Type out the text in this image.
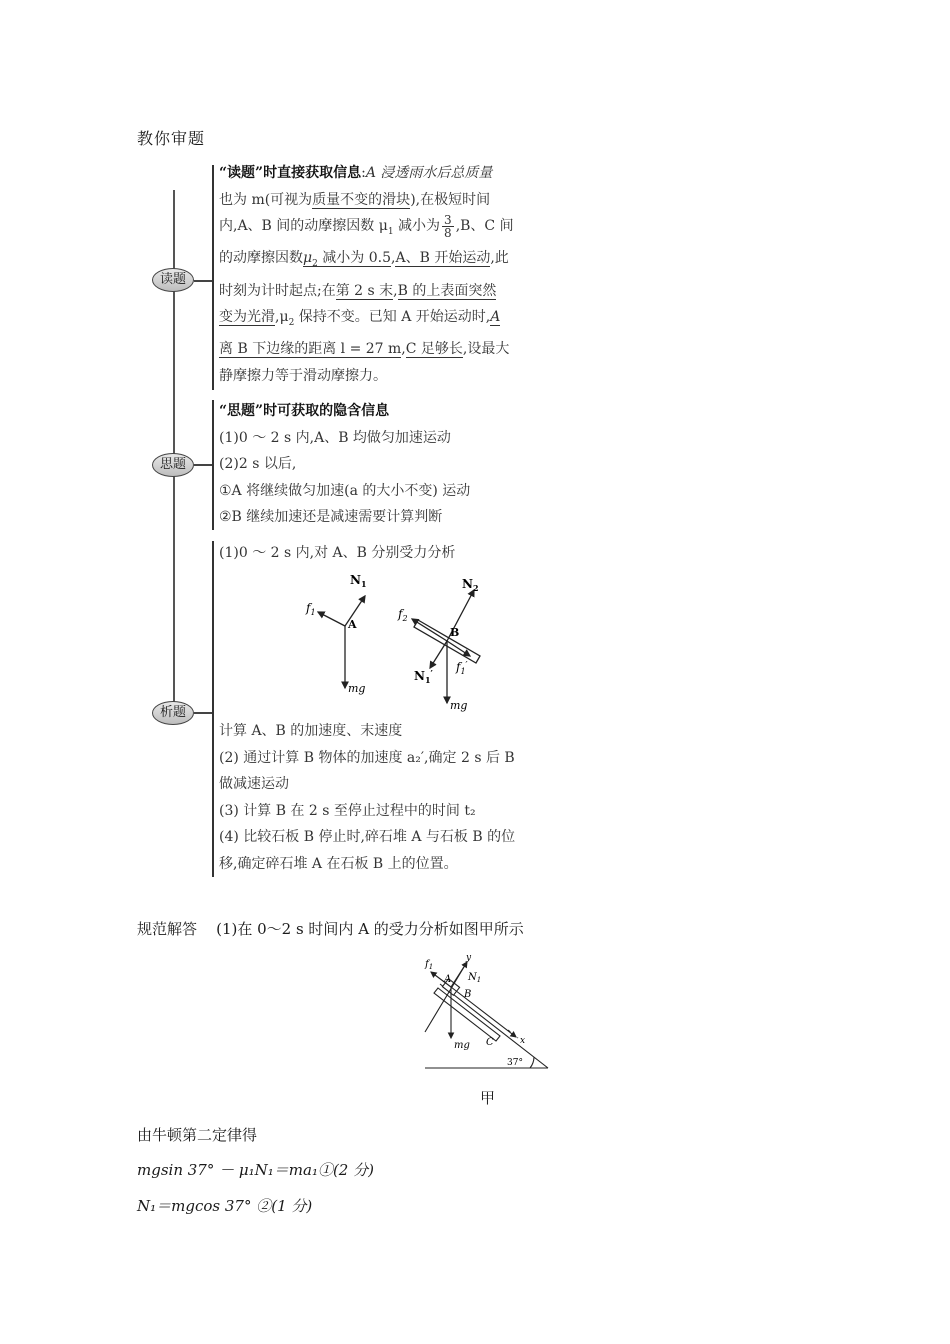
教你审题
读题
思题
析题

“读题”时直接获取信息:A 浸透雨水后总质量

也为 m(可视为质量不变的滑块),在极短时间

内,A、B 间的动摩擦因数 $\mu_1$ 减小为 $\frac{3}{8} ,B$、C 间

的动摩擦因数$\mu_2$ 减小为 0.5,A、B 开始运动,此

时刻为计时起点;在第 2 s 末,B 的上表面突然

变为光滑$,\mu_2$ 保持不变。已知 A 开始运动时,A

离 B 下边缘的距离 l = 27 m,C 足够长,设最大

静摩擦力等于滑动摩擦力。

“思题”时可获取的隐含信息

(1)0 ～ 2 s 内,A、B 均做匀加速运动

(2)2 s 以后,

①A 将继续做匀加速(a 的大小不变) 运动

②B 继续加速还是减速需要计算判断

(1)0 ～ 2 s 内,对 A、B 分别受力分析

$N_1$
$f_1$
A
mg
$N_2$
$f_2$
B
$N_1'$
$f_1'$
mg

计算 A、B 的加速度、末速度

(2) 通过计算 B 物体的加速度 a₂′,确定 2 s 后 B

做减速运动

(3) 计算 B 在 2 s 至停止过程中的时间 t₂

(4) 比较石板 B 停止时,碎石堆 A 与石板 B 的位

移,确定碎石堆 A 在石板 B 上的位置。

规范解答 (1)在 0～2 s 时间内 A 的受力分析如图甲所示
$f_1$
A
y
$N_1$
B
mg C	x
37°
甲
由牛顿第二定律得
mgsin 37° － μ₁N₁＝ma₁①(2 分)
N₁＝mgcos 37° ②(1 分)
